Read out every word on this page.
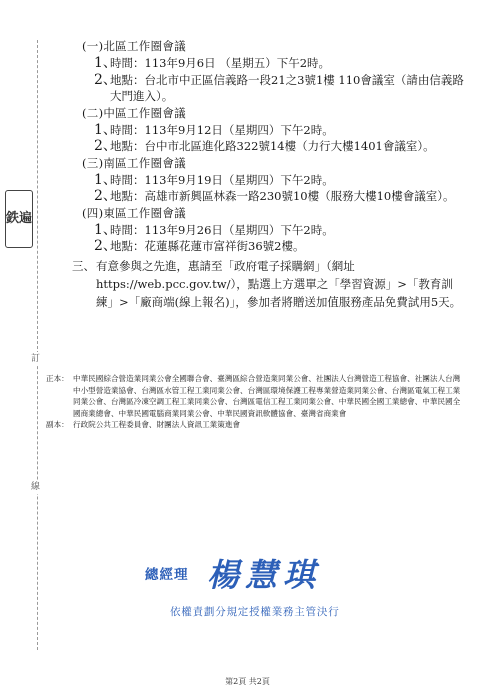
訂
線
鉄遍
(一)北區工作圈會議
1、
時間：113年9月6日 （星期五）下午2時。
2、
地點：台北市中正區信義路一段21之3號1樓 110會議室（請由信義路大門進入）。
(二)中區工作圈會議
1、
時間：113年9月12日（星期四）下午2時。
2、
地點：台中市北區進化路322號14樓（力行大樓1401會議室）。
(三)南區工作圈會議
1、
時間：113年9月19日（星期四）下午2時。
2、
地點：高雄市新興區林森一路230號10樓（服務大樓10樓會議室）。
(四)東區工作圈會議
1、
時間：113年9月26日（星期四）下午2時。
2、
地點：花蓮縣花蓮市富祥街36號2樓。
三、 有意參與之先進，惠請至「政府電子採購網」（網址https://web.pcc.gov.tw/），點選上方選單之「學習資源」>「教育訓練」>「廠商端(線上報名)」，參加者將贈送加值服務產品免費試用5天。
正本： 中華民國綜合營造業同業公會全國聯合會、臺灣區綜合營造業同業公會、社團法人台灣營造工程協會、社團法人台灣中小型營造業協會、台灣區水管工程工業同業公會、台灣區環境保護工程專業營造業同業公會、台灣區電氣工程工業同業公會、台灣區冷凍空調工程工業同業公會、台灣區電信工程工業同業公會、中華民國全國工業總會、中華民國全國商業總會、中華民國電腦商業同業公會、中華民國資訊軟體協會、臺灣省商業會
副本： 行政院公共工程委員會、財團法人資訊工業策進會
總經理 楊慧琪
依權責劃分規定授權業務主管決行
第2頁 共2頁
